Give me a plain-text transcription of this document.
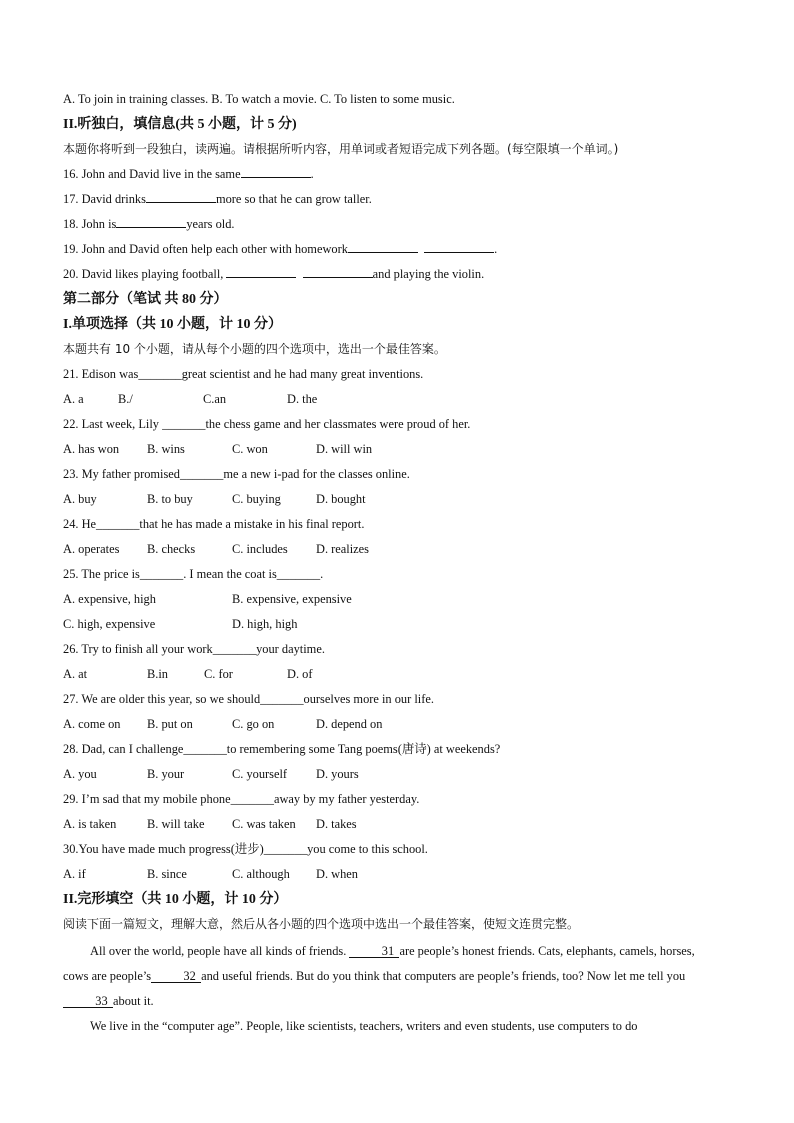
A. To join in training classes. B. To watch a movie. C. To listen to some music.
II.听独白，填信息(共 5 小题，计 5 分)
本题你将听到一段独白，读两遍。请根据所听内容，用单词或者短语完成下列各题。(每空限填一个单词。)
16. John and David live in the same	.
17. David drinks	more so that he can grow taller.
18. John is	years old.
19. John and David often help each other with homework	.
20. David likes playing football,	and playing the violin.
第二部分（笔试 共 80 分）
I.单项选择（共 10 小题，计 10 分）
本题共有 10 个小题，请从每个小题的四个选项中，选出一个最佳答案。
21. Edison was_______great scientist and he had many great inventions.
A. a	B./	C.an	D. the
22. Last week, Lily _______the chess game and her classmates were proud of her.
A. has won B. wins	C. won	D. will win
23. My father promised_______me a new i-pad for the classes online.
A. buy	B. to buy	C. buying	D. bought
24. He_______that he has made a mistake in his final report.
A. operates B. checks	C. includes D. realizes
25. The price is_______. I mean the coat is_______.
A. expensive, high	B. expensive, expensive
C. high, expensive	D. high, high
26. Try to finish all your work_______your daytime.
A. at	B.in	C. for	D. of
27. We are older this year, so we should_______ourselves more in our life.
A. come on B. put on	C. go on	D. depend on
28. Dad, can I challenge_______to remembering some Tang poems(唐诗) at weekends?
A. you	B. your	C. yourself D. yours
29. I’m sad that my mobile phone_______away by my father yesterday.
A. is taken B. will take C. was taken D. takes
30.You have made much progress(进步)_______you come to this school.
A. if	B. since	C. although D. when
II.完形填空（共 10 小题，计 10 分）
阅读下面一篇短文，理解大意，然后从各小题的四个选项中选出一个最佳答案，使短文连贯完整。

All over the world, people have all kinds of friends.	31 are people’s honest friends. Cats, elephants, camels, horses, cows are people’s	32 and useful friends. But do you think that computers are people’s friends, too? Now let me tell you33 about it.

We live in the “computer age”. People, like scientists, teachers, writers and even students, use computers to do
